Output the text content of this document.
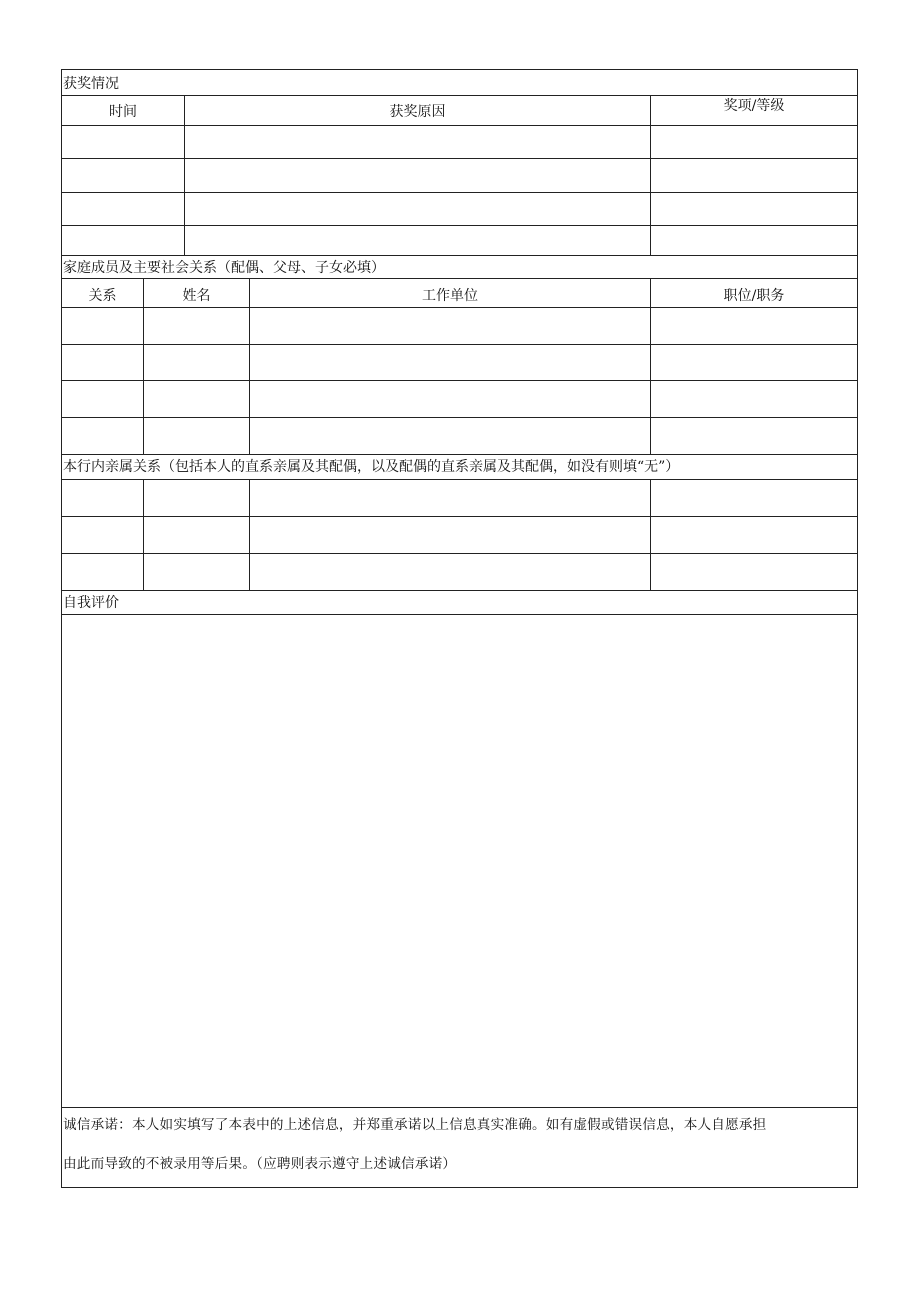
获奖情况
时间	获奖原因	奖项/等级
家庭成员及主要社会关系（配偶、父母、子女必填）
关系	姓名	工作单位	职位/职务
本行内亲属关系（包括本人的直系亲属及其配偶，以及配偶的直系亲属及其配偶，如没有则填“无”）
自我评价
诚信承诺：本人如实填写了本表中的上述信息，并郑重承诺以上信息真实准确。如有虚假或错误信息，本人自愿承担
由此而导致的不被录用等后果。（应聘则表示遵守上述诚信承诺）
